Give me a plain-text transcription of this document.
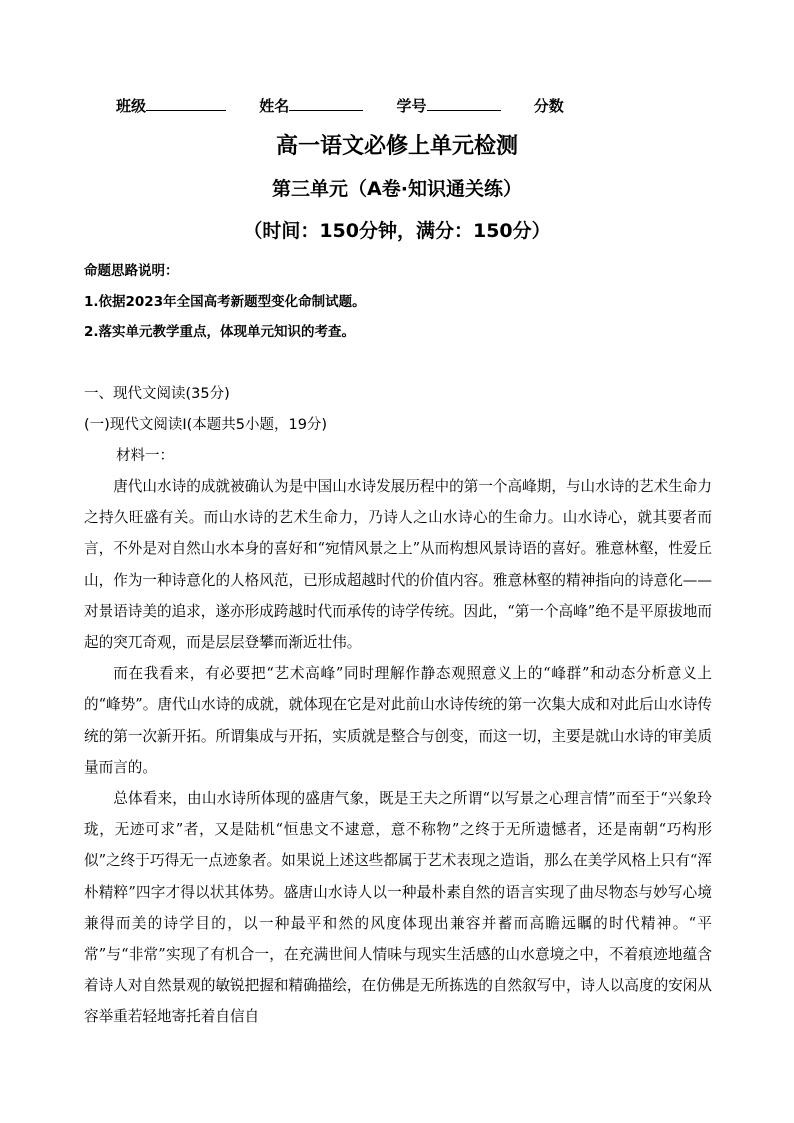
班级	姓名	学号	分数
高一语文必修上单元检测
第三单元（A卷·知识通关练）
（时间：150分钟，满分：150分）
命题思路说明：
1.依据2023年全国高考新题型变化命制试题。
2.落实单元教学重点，体现单元知识的考查。
一、现代文阅读(35分)
(一)现代文阅读Ⅰ(本题共5小题，19分)
材料一：

唐代山水诗的成就被确认为是中国山水诗发展历程中的第一个高峰期，与山水诗的艺术生命力之持久旺盛有关。而山水诗的艺术生命力，乃诗人之山水诗心的生命力。山水诗心，就其要者而言，不外是对自然山水本身的喜好和“宛情风景之上”从而构想风景诗语的喜好。雅意林壑，性爱丘山，作为一种诗意化的人格风范，已形成超越时代的价值内容。雅意林壑的精神指向的诗意化——对景语诗美的追求，遂亦形成跨越时代而承传的诗学传统。因此，“第一个高峰”绝不是平原拔地而起的突兀奇观，而是层层登攀而渐近壮伟。

而在我看来，有必要把“艺术高峰”同时理解作静态观照意义上的“峰群”和动态分析意义上的“峰势”。唐代山水诗的成就，就体现在它是对此前山水诗传统的第一次集大成和对此后山水诗传统的第一次新开拓。所谓集成与开拓，实质就是整合与创变，而这一切，主要是就山水诗的审美质量而言的。

总体看来，由山水诗所体现的盛唐气象，既是王夫之所谓“以写景之心理言情”而至于“兴象玲珑，无迹可求”者，又是陆机“恒患文不逮意，意不称物”之终于无所遗憾者，还是南朝“巧构形似”之终于巧得无一点迹象者。如果说上述这些都属于艺术表现之造诣，那么在美学风格上只有“浑朴精粹”四字才得以状其体势。盛唐山水诗人以一种最朴素自然的语言实现了曲尽物态与妙写心境兼得而美的诗学目的，以一种最平和然的风度体现出兼容并蓄而高瞻远瞩的时代精神。“平常”与“非常”实现了有机合一，在充满世间人情味与现实生活感的山水意境之中，不着痕迹地蕴含着诗人对自然景观的敏锐把握和精确描绘，在仿佛是无所拣选的自然叙写中，诗人以高度的安闲从容举重若轻地寄托着自信自
